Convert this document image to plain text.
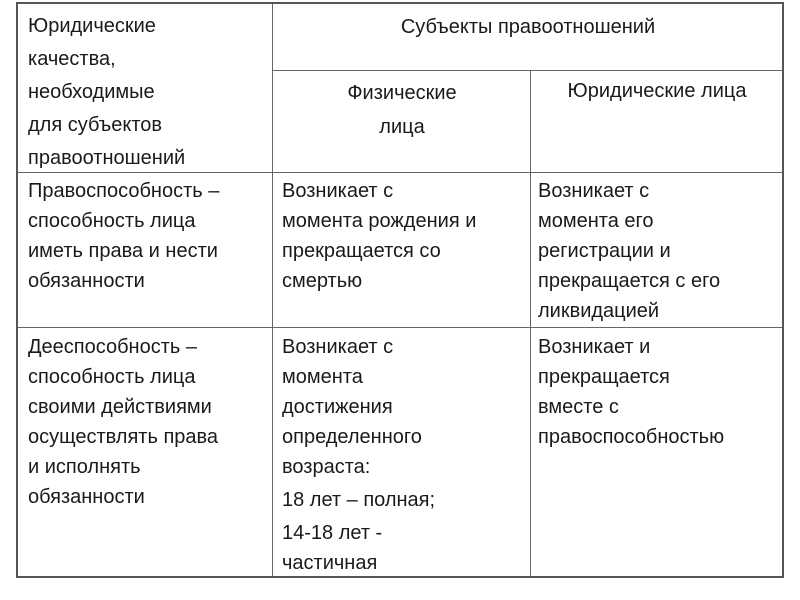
Юридические
качества,
необходимые
для субъектов
правоотношений
Субъекты правоотношений
Физические
лица
Юридические лица
Правоспособность –
способность лица
иметь права и нести
обязанности
Возникает с
момента рождения и
прекращается со
смертью
Возникает с
момента его
регистрации и
прекращается с его
ликвидацией
Дееспособность –
способность лица
своими действиями
осуществлять права
и исполнять
обязанности
Возникает с
момента
достижения
определенного
возраста:
18 лет – полная;
14-18 лет -
частичная
Возникает и
прекращается
вместе с
правоспособностью
